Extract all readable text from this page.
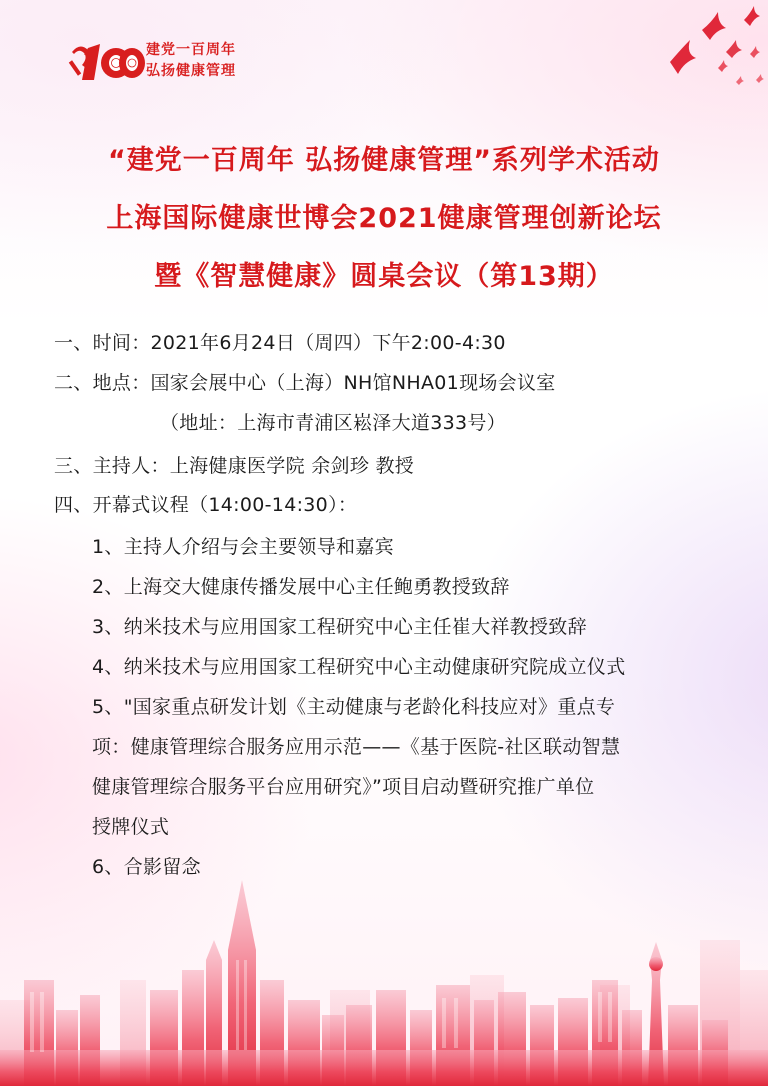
建党一百周年
弘扬健康管理
“建党一百周年 弘扬健康管理”系列学术活动
上海国际健康世博会2021健康管理创新论坛
暨《智慧健康》圆桌会议（第13期）
一、时间：2021年6月24日（周四）下午2:00-4:30
二、地点：国家会展中心（上海）NH馆NHA01现场会议室
（地址：上海市青浦区崧泽大道333号）
三、主持人：上海健康医学院 余剑珍 教授
四、开幕式议程（14:00-14:30）：
1、主持人介绍与会主要领导和嘉宾
2、上海交大健康传播发展中心主任鲍勇教授致辞
3、纳米技术与应用国家工程研究中心主任崔大祥教授致辞
4、纳米技术与应用国家工程研究中心主动健康研究院成立仪式
5、"国家重点研发计划《主动健康与老龄化科技应对》重点专
项：健康管理综合服务应用示范——《基于医院-社区联动智慧
健康管理综合服务平台应用研究》”项目启动暨研究推广单位
授牌仪式
6、合影留念
